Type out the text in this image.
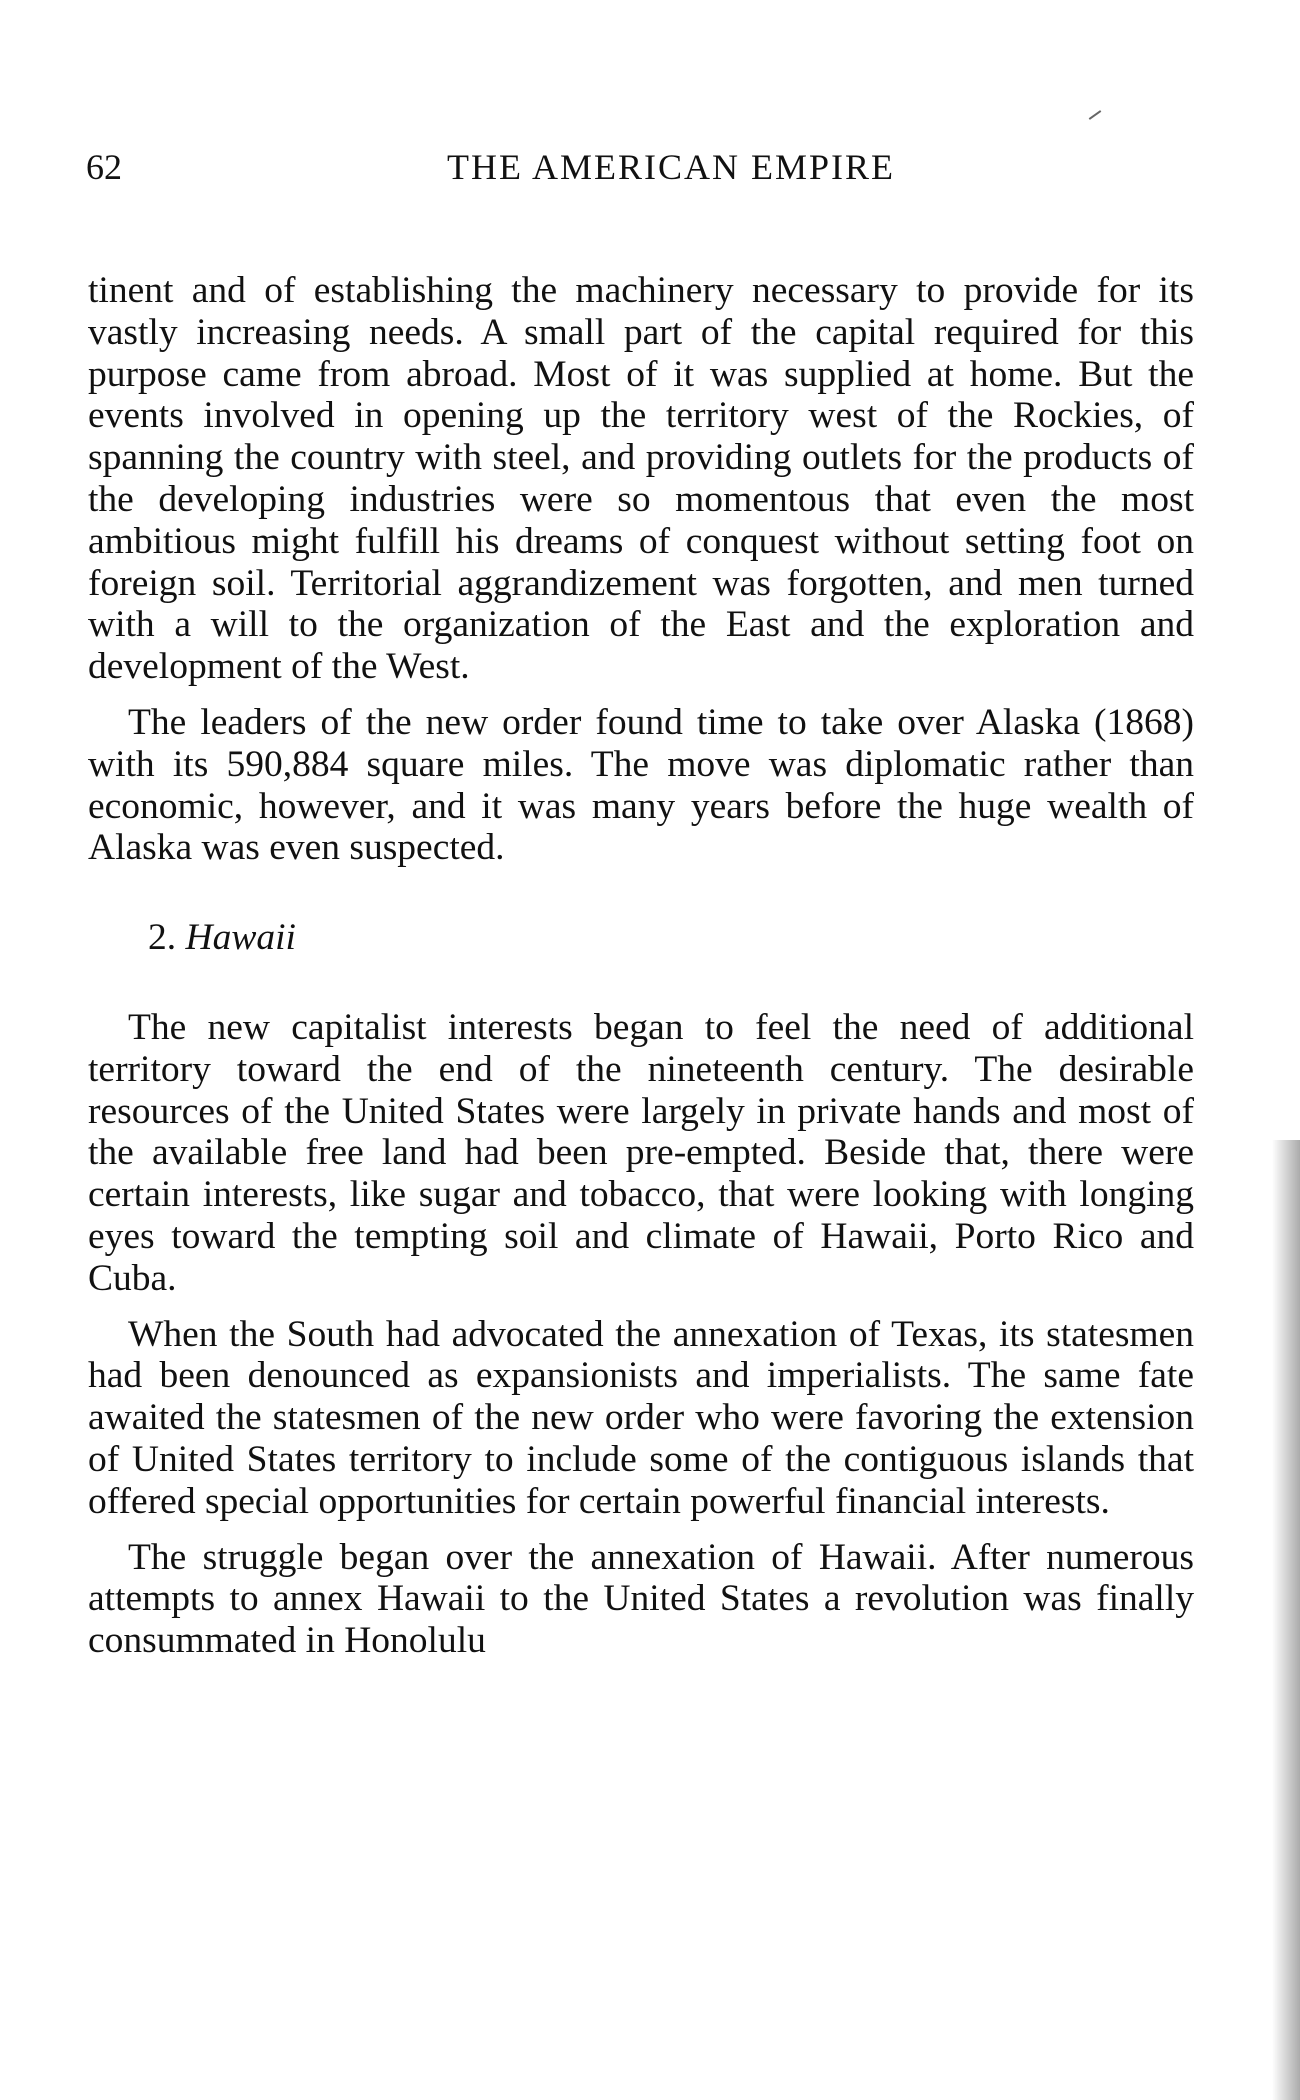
62	THE AMERICAN EMPIRE

tinent and of establishing the machinery necessary to provide for its vastly increasing needs. A small part of the capital required for this purpose came from abroad. Most of it was supplied at home. But the events involved in opening up the territory west of the Rockies, of spanning the country with steel, and providing outlets for the products of the developing industries were so momentous that even the most ambitious might fulfill his dreams of conquest without setting foot on foreign soil. Territorial aggrandizement was forgotten, and men turned with a will to the organization of the East and the exploration and development of the West.

The leaders of the new order found time to take over Alaska (1868) with its 590,884 square miles. The move was diplomatic rather than economic, however, and it was many years before the huge wealth of Alaska was even suspected.

2. Hawaii

The new capitalist interests began to feel the need of additional territory toward the end of the nineteenth century. The desirable resources of the United States were largely in private hands and most of the available free land had been pre-empted. Beside that, there were certain interests, like sugar and tobacco, that were looking with longing eyes toward the tempting soil and climate of Hawaii, Porto Rico and Cuba.

When the South had advocated the annexation of Texas, its statesmen had been denounced as expansionists and imperialists. The same fate awaited the statesmen of the new order who were favoring the extension of United States territory to include some of the contiguous islands that offered special opportunities for certain powerful financial interests.

The struggle began over the annexation of Hawaii. After numerous attempts to annex Hawaii to the United States a revolution was finally consummated in Honolulu
